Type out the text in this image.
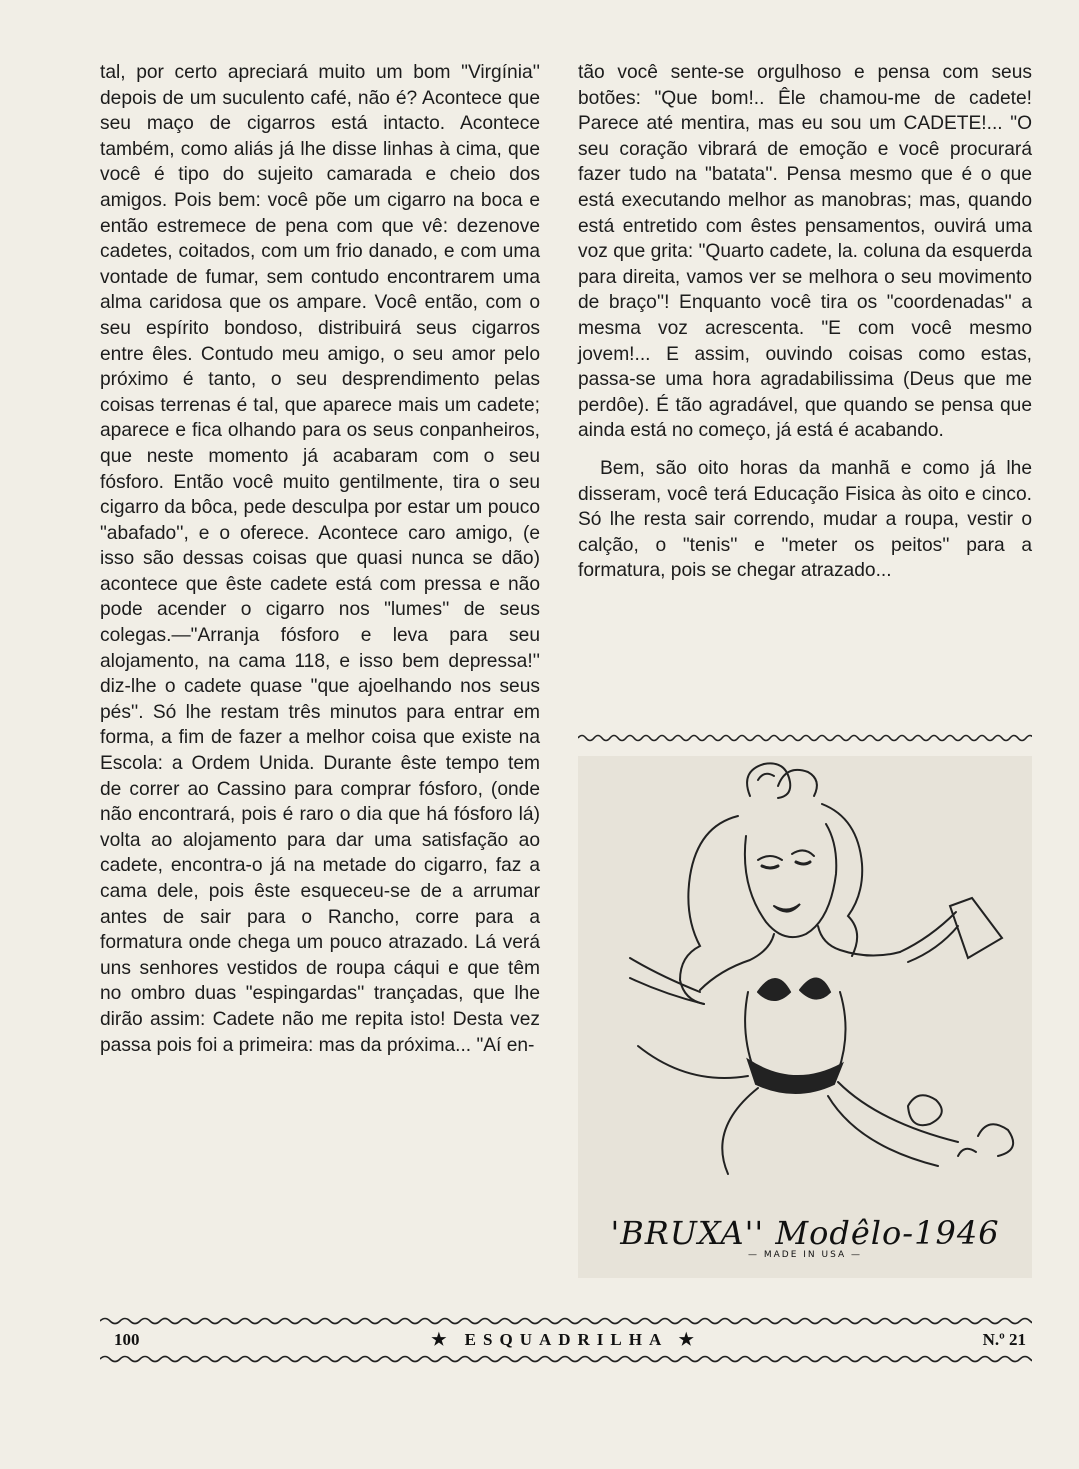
tal, por certo apreciará muito um bom "Virgínia'' depois de um suculento café, não é? Acontece que seu maço de cigarros está intacto. Acontece também, como aliás já lhe disse linhas à cima, que você é tipo do sujeito camarada e cheio dos amigos. Pois bem: você põe um cigarro na boca e então estremece de pena com que vê: dezenove cadetes, coitados, com um frio danado, e com uma vontade de fumar, sem contudo encontrarem uma alma caridosa que os ampare. Você então, com o seu espírito bondoso, distribuirá seus cigarros entre êles. Contudo meu amigo, o seu amor pelo próximo é tanto, o seu desprendimento pelas coisas terrenas é tal, que aparece mais um cadete; aparece e fica olhando para os seus conpanheiros, que neste momento já acabaram com o seu fósforo. Então você muito gentilmente, tira o seu cigarro da bôca, pede desculpa por estar um pouco "abafado'', e o oferece. Acontece caro amigo, (e isso são dessas coisas que quasi nunca se dão) acontece que êste cadete está com pressa e não pode acender o cigarro nos "lumes'' de seus colegas.—"Arranja fósforo e leva para seu alojamento, na cama 118, e isso bem depressa!'' diz-lhe o cadete quase "que ajoelhando nos seus pés''. Só lhe restam três minutos para entrar em forma, a fim de fazer a melhor coisa que existe na Escola: a Ordem Unida. Durante êste tempo tem de correr ao Cassino para comprar fósforo, (onde não encontrará, pois é raro o dia que há fósforo lá) volta ao alojamento para dar uma satisfação ao cadete, encontra-o já na metade do cigarro, faz a cama dele, pois êste esqueceu-se de a arrumar antes de sair para o Rancho, corre para a formatura onde chega um pouco atrazado. Lá verá uns senhores vestidos de roupa cáqui e que têm no ombro duas "espingardas'' trançadas, que lhe dirão assim: Cadete não me repita isto! Desta vez passa pois foi a primeira: mas da próxima... "Aí en-

tão você sente-se orgulhoso e pensa com seus botões: "Que bom!.. Êle chamou-me de cadete! Parece até mentira, mas eu sou um CADETE!... "O seu coração vibrará de emoção e você procurará fazer tudo na "batata''. Pensa mesmo que é o que está executando melhor as manobras; mas, quando está entretido com êstes pensamentos, ouvirá uma voz que grita: "Quarto cadete, la. coluna da esquerda para direita, vamos ver se melhora o seu movimento de braço''! Enquanto você tira os "coordenadas'' a mesma voz acrescenta. "E com você mesmo jovem!... E assim, ouvindo coisas como estas, passa-se uma hora agradabilissima (Deus que me perdôe). É tão agradável, que quando se pensa que ainda está no começo, já está é acabando.

Bem, são oito horas da manhã e como já lhe disseram, você terá Educação Fisica às oito e cinco. Só lhe resta sair correndo, mudar a roupa, vestir o calção, o "tenis'' e "meter os peitos'' para a formatura, pois se chegar atrazado...

'BRUXA'' Modêlo-1946
— MADE IN USA —
100	★ ESQUADRILHA ★	N.º 21
